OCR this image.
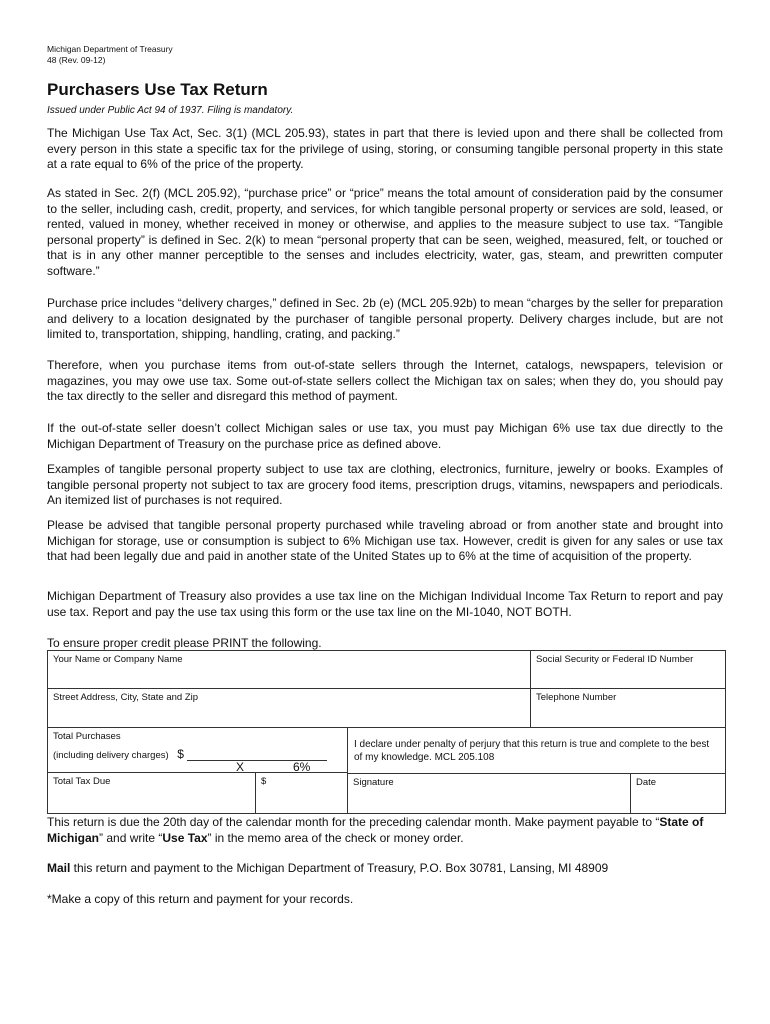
Michigan Department of Treasury
48 (Rev. 09-12)
Purchasers Use Tax Return
Issued under Public Act 94 of 1937. Filing is mandatory.

The Michigan Use Tax Act, Sec. 3(1) (MCL 205.93), states in part that there is levied upon and there shall be collected from every person in this state a specific tax for the privilege of using, storing, or consuming tangible personal property in this state at a rate equal to 6% of the price of the property.

As stated in Sec. 2(f) (MCL 205.92), “purchase price” or “price” means the total amount of consideration paid by the consumer to the seller, including cash, credit, property, and services, for which tangible personal property or services are sold, leased, or rented, valued in money, whether received in money or otherwise, and applies to the measure subject to use tax. “Tangible personal property” is defined in Sec. 2(k) to mean “personal property that can be seen, weighed, measured, felt, or touched or that is in any other manner perceptible to the senses and includes electricity, water, gas, steam, and prewritten computer software.”

Purchase price includes “delivery charges,” defined in Sec. 2b (e) (MCL 205.92b) to mean “charges by the seller for preparation and delivery to a location designated by the purchaser of tangible personal property. Delivery charges include, but are not limited to, transportation, shipping, handling, crating, and packing.”

Therefore, when you purchase items from out-of-state sellers through the Internet, catalogs, newspapers, television or magazines, you may owe use tax. Some out-of-state sellers collect the Michigan tax on sales; when they do, you should pay the tax directly to the seller and disregard this method of payment.

If the out-of-state seller doesn’t collect Michigan sales or use tax, you must pay Michigan 6% use tax due directly to the Michigan Department of Treasury on the purchase price as defined above.

Examples of tangible personal property subject to use tax are clothing, electronics, furniture, jewelry or books. Examples of tangible personal property not subject to tax are grocery food items, prescription drugs, vitamins, newspapers and periodicals. An itemized list of purchases is not required.

Please be advised that tangible personal property purchased while traveling abroad or from another state and brought into Michigan for storage, use or consumption is subject to 6% Michigan use tax. However, credit is given for any sales or use tax that had been legally due and paid in another state of the United States up to 6% at the time of acquisition of the property.

Michigan Department of Treasury also provides a use tax line on the Michigan Individual Income Tax Return to report and pay use tax. Report and pay the use tax using this form or the use tax line on the MI-1040, NOT BOTH.

To ensure proper credit please PRINT the following.
Your Name or Company Name	Social Security or Federal ID Number
Street Address, City, State and Zip	Telephone Number
Total Purchases
(including delivery charges) $
X	6%
I declare under penalty of perjury that this return is true and complete to the best of my knowledge. MCL 205.108
Total Tax Due	$	Signature	Date

This return is due the 20th day of the calendar month for the preceding calendar month. Make payment payable to “State of Michigan” and write “Use Tax” in the memo area of the check or money order.

Mail this return and payment to the Michigan Department of Treasury, P.O. Box 30781, Lansing, MI 48909

*Make a copy of this return and payment for your records.
